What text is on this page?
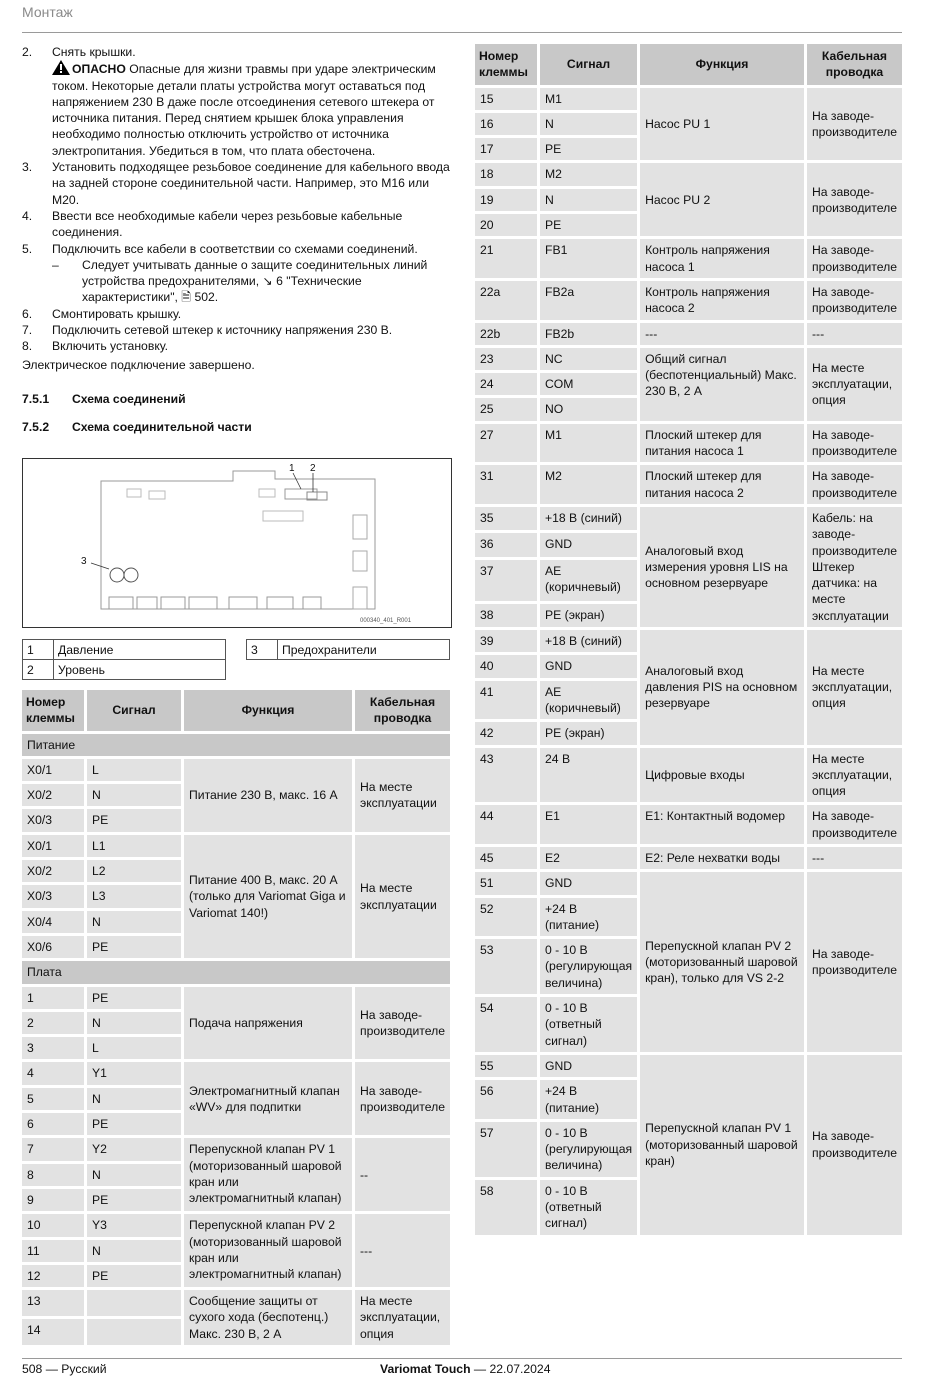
Монтаж
2.	Снять крышки.
ОПАСНО Опасные для жизни травмы при ударе электрическим током. Некоторые детали платы устройства могут оставаться под напряжением 230 В даже после отсоединения сетевого штекера от источника питания. Перед снятием крышек блока управления необходимо полностью отключить устройство от источника электропитания. Убедиться в том, что плата обесточена.
3.	Установить подходящее резьбовое соединение для кабельного ввода на задней стороне соединительной части. Например, это М16 или М20.
4.	Ввести все необходимые кабели через резьбовые кабельные соединения.
5.	Подключить все кабели в соответствии со схемами соединений.
–	Следует учитывать данные о защите соединительных линий устройства предохранителями, ↘ 6 "Технические характеристики", 🗎 502.
6.	Смонтировать крышку.
7.	Подключить сетевой штекер к источнику напряжения 230 В.
8.	Включить установку.
Электрическое подключение завершено.
7.5.1 Схема соединений
7.5.2 Схема соединительной части
000340_401_R001
1 2
3
1	Давление
2	Уровень
3	Предохранители
Номер клеммы	Сигнал	Функция	Кабельная проводка
Питание			
X0/1	L	Питание 230 В, макс. 16 А	На месте эксплуатации
X0/2	N		
X0/3	PE		
X0/1	L1	Питание 400 В, макс. 20 А (только для Variomat Giga и Variomat 140!)	На месте эксплуатации
X0/2	L2		
X0/3	L3		
X0/4	N		
X0/6	PE		
Плата			
1	PE	Подача напряжения	На заводе-производителе
2	N		
3	L		
4	Y1	Электромагнитный клапан «WV» для подпитки	На заводе-производителе
5	N		
6	PE		
7	Y2	Перепускной клапан PV 1 (моторизованный шаровой кран или электромагнитный клапан)	--
8	N		
9	PE		
10	Y3	Перепускной клапан PV 2 (моторизованный шаровой кран или электромагнитный клапан)	---
11	N		
12	PE		
13		Сообщение защиты от сухого хода (беспотенц.) Макс. 230 В, 2 А	На месте эксплуатации, опция
14			
Номер клеммы	Сигнал	Функция	Кабельная проводка
15	M1	Насос PU 1	На заводе-производителе
16	N		
17	PE		
18	M2	Насос PU 2	На заводе-производителе
19	N		
20	PE		
21	FB1	Контроль напряжения насоса 1	На заводе-производителе
22a	FB2a	Контроль напряжения насоса 2	На заводе-производителе
22b	FB2b	---	---
23	NC	Общий сигнал (беспотенциальный) Макс. 230 В, 2 А	На месте эксплуатации, опция
24	COM		
25	NO		
27	M1	Плоский штекер для питания насоса 1	На заводе-производителе
31	M2	Плоский штекер для питания насоса 2	На заводе-производителе
35	+18 В (синий)	Аналоговый вход измерения уровня LIS на основном резервуаре	Кабель: на заводе-производителе Штекер датчика: на месте эксплуатации
36	GND		
37	AE (коричневый)		
38	PE (экран)		
39	+18 В (синий)	Аналоговый вход давления PIS на основном резервуаре	На месте эксплуатации, опция
40	GND		
41	AE (коричневый)		
42	PE (экран)		
43	24 В	Цифровые входы	На месте эксплуатации, опция
44	E1	E1: Контактный водомер	На заводе-производителе
45	E2	E2: Реле нехватки воды	---
51	GND	Перепускной клапан PV 2 (моторизованный шаровой кран), только для VS 2-2	На заводе-производителе
52	+24 В (питание)		
53	0 - 10 В (регулирующая величина)		
54	0 - 10 В (ответный сигнал)		
55	GND	Перепускной клапан PV 1 (моторизованный шаровой кран)	На заводе-производителе
56	+24 В (питание)		
57	0 - 10 В (регулирующая величина)		
58	0 - 10 В (ответный сигнал)		
508 — Русский	Variomat Touch — 22.07.2024
